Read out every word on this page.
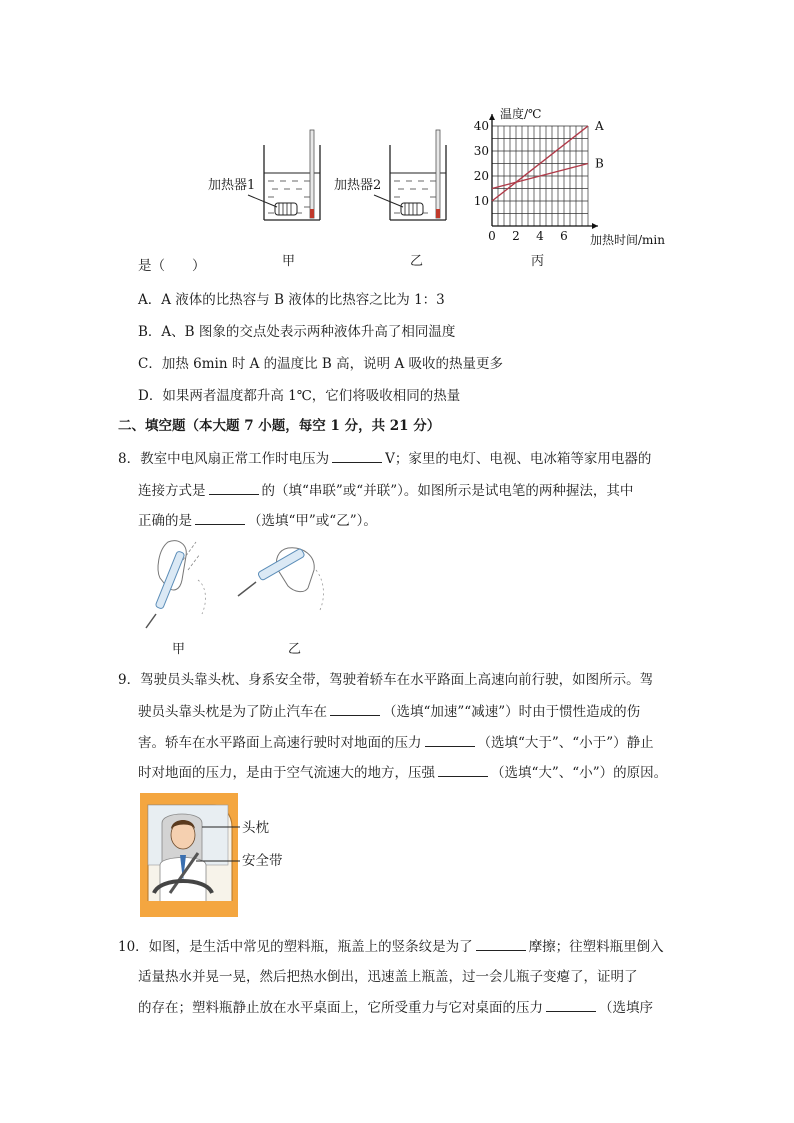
加热器1	加热器2
甲	乙
0 2 4 6
10
20
30
40
温度/℃
加热时间/min
A
B
丙
是（　　）
A．A 液体的比热容与 B 液体的比热容之比为 1：3
B．A、B 图象的交点处表示两种液体升高了相同温度
C．加热 6min 时 A 的温度比 B 高，说明 A 吸收的热量更多
D．如果两者温度都升高 1℃，它们将吸收相同的热量
二、填空题（本大题 7 小题，每空 1 分，共 21 分）
8．教室中电风扇正常工作时电压为	V；家里的电灯、电视、电冰箱等家用电器的
连接方式是	的（填“串联”或“并联”）。如图所示是试电笔的两种握法，其中
正确的是	（选填“甲”或“乙”）。
甲	乙
9．驾驶员头靠头枕、身系安全带，驾驶着轿车在水平路面上高速向前行驶，如图所示。驾
驶员头靠头枕是为了防止汽车在	（选填“加速”“减速”）时由于惯性造成的伤
害。轿车在水平路面上高速行驶时对地面的压力	（选填“大于”、“小于”）静止
时对地面的压力，是由于空气流速大的地方，压强	（选填“大”、“小”）的原因。
头枕
安全带
10．如图，是生活中常见的塑料瓶，瓶盖上的竖条纹是为了	摩擦；往塑料瓶里倒入
适量热水并晃一晃，然后把热水倒出，迅速盖上瓶盖，过一会儿瓶子变瘪了，证明了
的存在；塑料瓶静止放在水平桌面上，它所受重力与它对桌面的压力	（选填序
